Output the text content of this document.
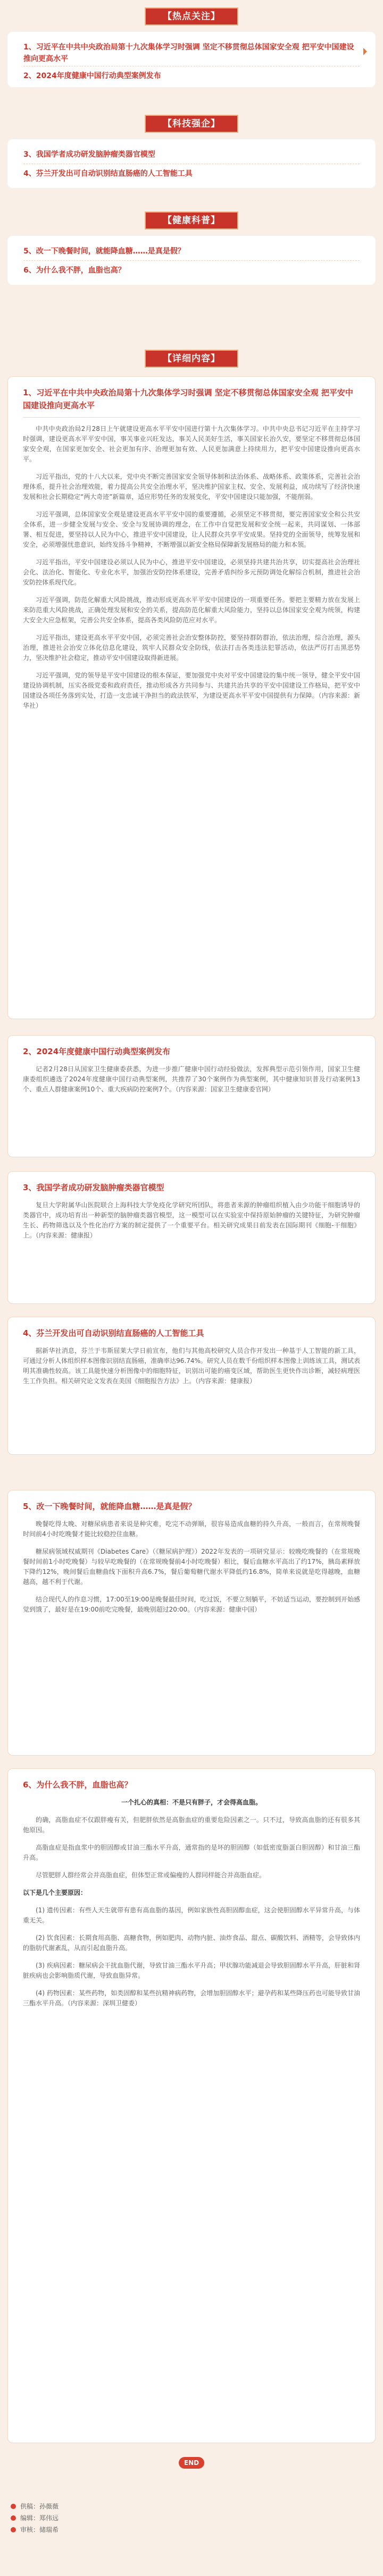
【热点关注】
1、习近平在中共中央政治局第十九次集体学习时强调 坚定不移贯彻总体国家安全观 把平安中国建设推向更高水平
2、2024年度健康中国行动典型案例发布
【科技强企】
3、我国学者成功研发脑肿瘤类器官模型
4、芬兰开发出可自动识别结直肠癌的人工智能工具
【健康科普】
5、改一下晚餐时间，就能降血糖……是真是假？
6、为什么我不胖，血脂也高？
【详细内容】
1、习近平在中共中央政治局第十九次集体学习时强调 坚定不移贯彻总体国家安全观 把平安中国建设推向更高水平

中共中央政治局2月28日上午就建设更高水平平安中国进行第十九次集体学习。中共中央总书记习近平在主持学习时强调，建设更高水平平安中国，事关事业兴旺发达，事关人民美好生活，事关国家长治久安，要坚定不移贯彻总体国家安全观，在国家更加安全、社会更加有序、治理更加有效、人民更加满意上持续用力，把平安中国建设推向更高水平。

习近平指出，党的十八大以来，党中央不断完善国家安全领导体制和法治体系、战略体系、政策体系，完善社会治理体系，提升社会治理效能，着力提高公共安全治理水平，坚决维护国家主权、安全、发展利益，成功续写了经济快速发展和社会长期稳定“两大奇迹”新篇章，适应形势任务的发展变化，平安中国建设只能加强，不能削弱。

习近平强调，总体国家安全观是建设更高水平平安中国的重要遵循，必须坚定不移贯彻，要完善国家安全和公共安全体系，进一步健全发展与安全、安全与发展协调的理念，在工作中自觉把发展和安全统一起来，共同谋划、一体部署、相互促进，要坚持以人民为中心，推进平安中国建设，让人民群众共享平安成果。坚持党的全面领导，统筹发展和安全，必须增强忧患意识，始终发扬斗争精神，不断增强以新安全格局保障新发展格局的能力和本领。

习近平指出，平安中国建设必须以人民为中心，推进平安中国建设，必须坚持共建共治共享，切实提高社会治理社会化、法治化、智能化、专业化水平，加强治安防控体系建设，完善矛盾纠纷多元预防调处化解综合机制，推进社会治安防控体系现代化。

习近平强调，防范化解重大风险挑战，推动形成更高水平平安中国建设的一项重要任务。要把主要精力放在发展上来防范重大风险挑战，正确处理发展和安全的关系，提高防范化解重大风险能力，坚持以总体国家安全观为统领，构建大安全大应急框架，完善公共安全体系，提高各类风险防范应对水平。

习近平指出，建设更高水平平安中国，必须完善社会治安整体防控，要坚持群防群治，依法治理，综合治理，源头治理，推进社会治安立体化信息化建设，筑牢人民群众安全防线，依法打击各类违法犯罪活动，依法严厉打击黑恶势力，坚决维护社会稳定，推动平安中国建设取得新进展。

习近平强调，党的领导是平安中国建设的根本保证，要加强党中央对平安中国建设的集中统一领导，健全平安中国建设协调机制，压实各级党委和政府责任，推动形成各方共同参与、共建共治共享的平安中国建设工作格局，把平安中国建设各项任务落到实处，打造一支忠诚干净担当的政法铁军，为建设更高水平平安中国提供有力保障。（内容来源：新华社）

2、2024年度健康中国行动典型案例发布

记者2月28日从国家卫生健康委获悉，为进一步推广健康中国行动经验做法，发挥典型示范引领作用，国家卫生健康委组织遴选了2024年度健康中国行动典型案例，共推荐了30个案例作为典型案例，其中健康知识普及行动案例13个、重点人群健康案例10个、重大疾病防控案例7个。（内容来源：国家卫生健康委官网）

3、我国学者成功研发脑肿瘤类器官模型

复旦大学附属华山医院联合上海科技大学免疫化学研究所团队，将患者来源的肿瘤组织植入由少功能干细胞诱导的类器官中，成功培育出一种新型的脑肿瘤类器官模型，这一模型可以在实验室中保持原始肿瘤的关键特征，为研究肿瘤生长、药物筛选以及个性化治疗方案的制定提供了一个重要平台。相关研究成果日前发表在国际期刊《细胞-干细胞》上。（内容来源：健康报）

4、芬兰开发出可自动识别结直肠癌的人工智能工具

据新华社消息，芬兰于韦斯屈莱大学日前宣布，他们与其他高校研究人员合作开发出一种基于人工智能的新工具，可通过分析人体组织样本图像识别结直肠癌，准确率达96.74%。研究人员在数千份组织样本图像上训练该工具，测试表明其准确性较高。该工具能快速分析图像中的细胞特征，识别出可能的癌变区域，帮助医生更快作出诊断，减轻病理医生工作负担。相关研究论文发表在美国《细胞报告方法》上。（内容来源：健康报）

5、改一下晚餐时间，就能降血糖……是真是假？

晚餐吃得太晚、对糖尿病患者来说是种灾难，吃完不动弹顺，很容易造成血糖的持久升高，一般而言，在常规晚餐时间前4小时吃晚餐才能比较稳控住血糖。

糖尿病领域权威期刊《Diabetes Care》（《糖尿病护理》）2022年发表的一项研究显示：较晚吃晚餐的（在常规晚餐时间前1小时吃晚餐）与较早吃晚餐的（在常规晚餐前4小时吃晚餐）相比，餐后血糖水平高出了约17%，胰岛素释放下降约12%，晚间餐后血糖曲线下面积升高6.7%，餐后葡萄糖代谢水平降低约16.8%，简单来说就是吃得越晚，血糖越高，越不利于代谢。

结合现代人的作息习惯，17:00至19:00是晚餐最佳时间，吃过饭，不要立刻躺平，不妨适当运动，要控制到开始感觉到饿了，最好是在19:00前吃完晚餐，最晚别超过20:00。（内容来源：健康中国）

6、为什么我不胖，血脂也高？

一个扎心的真相：不是只有胖子，才会得高血脂。

的确，高脂血症不仅跟胖瘦有关，但肥胖依然是高脂血症的重要危险因素之一。只不过，导致高血脂的还有很多其他原因。

高脂血症是指血浆中的胆固醇或甘油三酯水平升高，通常指的是坏的胆固醇（如低密度脂蛋白胆固醇）和甘油三酯升高。

尽管肥胖人群经常会并高脂血症，但体型正常或偏瘦的人群同样能合并高脂血症。

以下是几个主要原因：

(1) 遗传因素：有些人天生就带有患有高血脂的基因，例如家族性高胆固醇血症，这会使胆固醇水平异常升高，与体重无关。

(2) 饮食因素：长期食用高脂、高糖食物，例如肥肉、动物内脏、油炸食品、甜点、碳酸饮料、酒精等，会导致体内的脂肪代谢紊乱，从而引起血脂升高。

(3) 疾病因素：糖尿病会干扰血脂代谢，导致甘油三酯水平升高；甲状腺功能减退会导致胆固醇水平升高，肝脏和肾脏疾病也会影响脂质代谢，导致血脂异常。

(4) 药物因素：某些药物，如类固醇和某些抗精神病药物，会增加胆固醇水平；避孕药和某些降压药也可能导致甘油三酯水平升高。（内容来源：深圳卫健委）

END
供稿：孙薇薇
编辑：郑伟远
审核：储瑞希
